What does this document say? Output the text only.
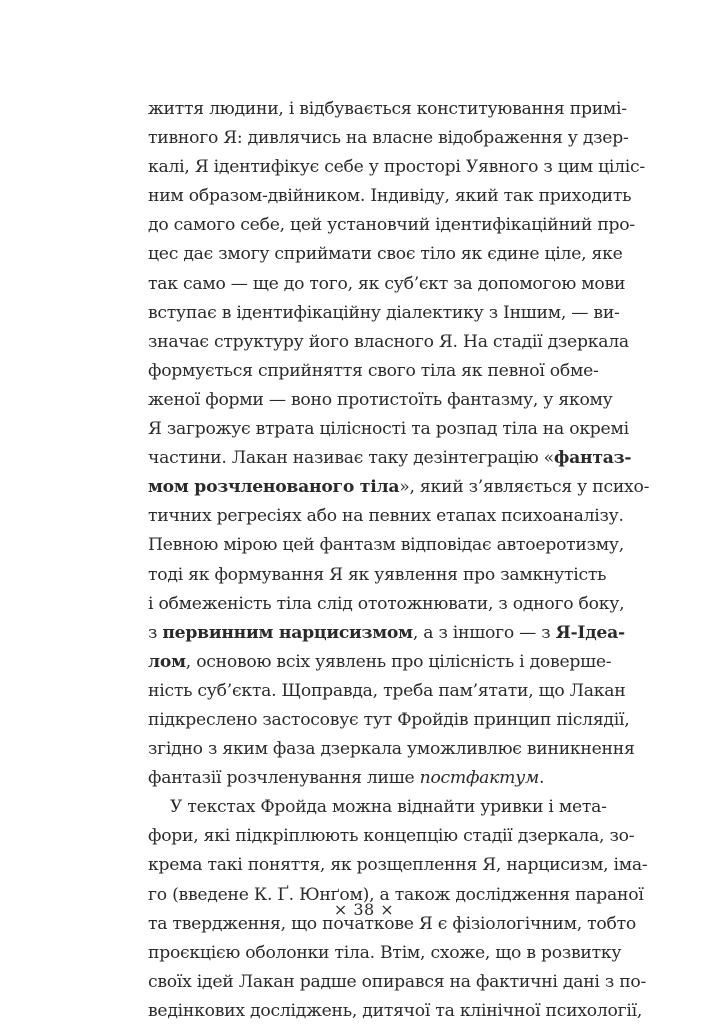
життя людини, і відбувається конституювання примі-
тивного Я: дивлячись на власне відображення у дзер-
калі, Я ідентифікує себе у просторі Уявного з цим ціліс-
ним образом-двійником. Індивіду, який так приходить
до самого себе, цей установчий ідентифікаційний про-
цес дає змогу сприймати своє тіло як єдине ціле, яке
так само — ще до того, як суб’єкт за допомогою мови
вступає в ідентифікаційну діалектику з Іншим, — ви-
значає структуру його власного Я. На стадії дзеркала
формується сприйняття свого тіла як певної обме-
женої форми — воно протистоїть фантазму, у якому
Я загрожує втрата цілісності та розпад тіла на окремі
частини. Лакан називає таку дезінтеграцію «фантаз-
мом розчленованого тіла», який з’являється у психо-
тичних регресіях або на певних етапах психоаналізу.
Певною мірою цей фантазм відповідає автоеротизму,
тоді як формування Я як уявлення про замкнутість
і обмеженість тіла слід ототожнювати, з одного боку,
з первинним нарцисизмом, а з іншого — з Я-Ідеа-
лом, основою всіх уявлень про цілісність і доверше-
ність суб’єкта. Щоправда, треба пам’ятати, що Лакан
підкреслено застосовує тут Фройдів принцип післядії,
згідно з яким фаза дзеркала уможливлює виникнення
фантазії розчленування лише постфактум.
У текстах Фройда можна віднайти уривки і мета-
фори, які підкріплюють концепцію стадії дзеркала, зо-
крема такі поняття, як розщеплення Я, нарцисизм, іма-
го (введене К. Ґ. Юнґом), а також дослідження параної
та твердження, що початкове Я є фізіологічним, тобто
проєкцією оболонки тіла. Втім, схоже, що в розвитку
своїх ідей Лакан радше опирався на фактичні дані з по-
ведінкових досліджень, дитячої та клінічної психології,
× 38 ×
